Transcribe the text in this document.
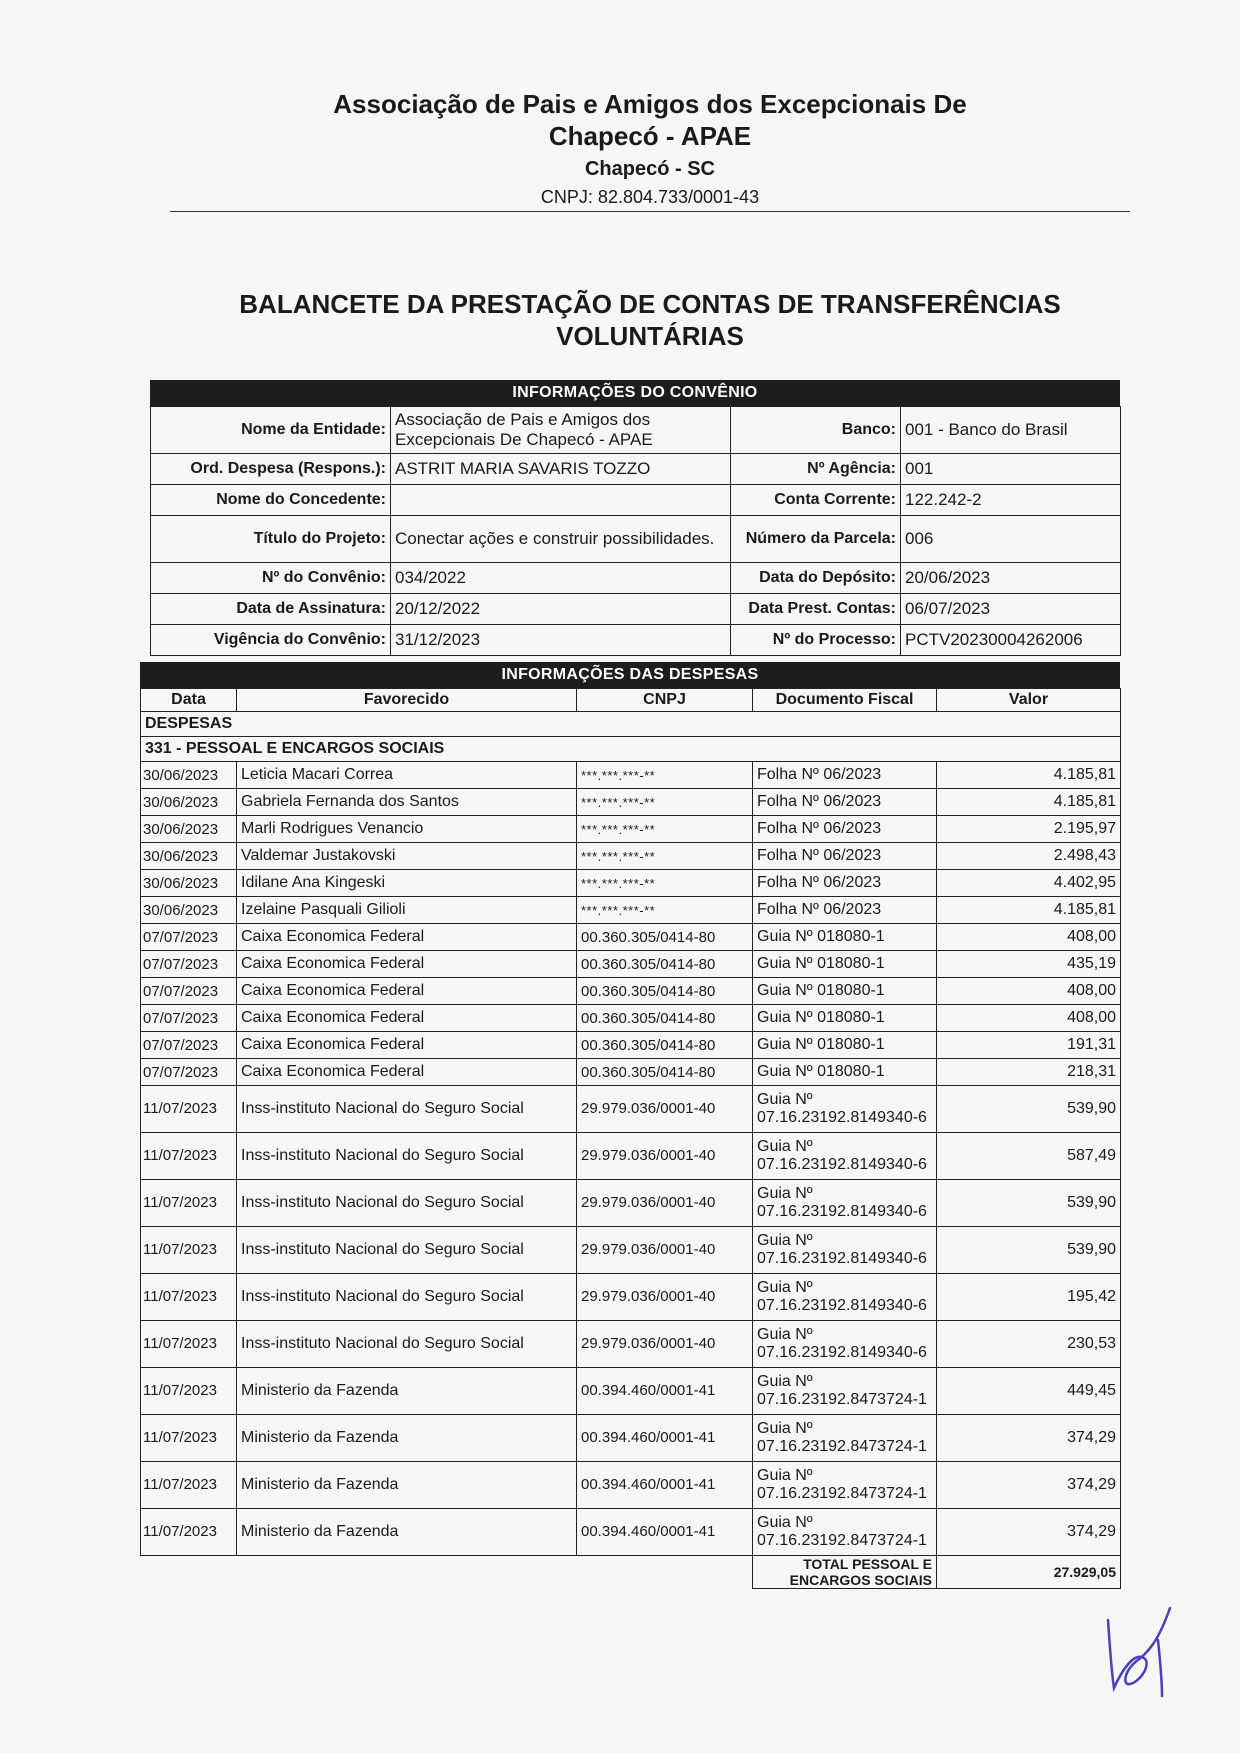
Associação de Pais e Amigos dos Excepcionais De Chapecó - APAE
Chapecó - SC
CNPJ: 82.804.733/0001-43
BALANCETE DA PRESTAÇÃO DE CONTAS DE TRANSFERÊNCIAS VOLUNTÁRIAS
INFORMAÇÕES DO CONVÊNIO
Nome da Entidade:	Associação de Pais e Amigos dos Excepcionais De Chapecó - APAE	Banco:	001 - Banco do Brasil
Ord. Despesa (Respons.):	ASTRIT MARIA SAVARIS TOZZO	Nº Agência:	001
Nome do Concedente:		Conta Corrente:	122.242-2
Título do Projeto:	Conectar ações e construir possibilidades.	Número da Parcela:	006
Nº do Convênio:	034/2022	Data do Depósito:	20/06/2023
Data de Assinatura:	20/12/2022	Data Prest. Contas:	06/07/2023
Vigência do Convênio:	31/12/2023	Nº do Processo:	PCTV20230004262006
INFORMAÇÕES DAS DESPESAS
Data	Favorecido	CNPJ	Documento Fiscal	Valor
DESPESAS				
331 - PESSOAL E ENCARGOS SOCIAIS				
30/06/2023	Leticia Macari Correa	***.***.***-**	Folha Nº 06/2023	4.185,81
30/06/2023	Gabriela Fernanda dos Santos	***.***.***-**	Folha Nº 06/2023	4.185,81
30/06/2023	Marli Rodrigues Venancio	***.***.***-**	Folha Nº 06/2023	2.195,97
30/06/2023	Valdemar Justakovski	***.***.***-**	Folha Nº 06/2023	2.498,43
30/06/2023	Idilane Ana Kingeski	***.***.***-**	Folha Nº 06/2023	4.402,95
30/06/2023	Izelaine Pasquali Gilioli	***.***.***-**	Folha Nº 06/2023	4.185,81
07/07/2023	Caixa Economica Federal	00.360.305/0414-80	Guia Nº 018080-1	408,00
07/07/2023	Caixa Economica Federal	00.360.305/0414-80	Guia Nº 018080-1	435,19
07/07/2023	Caixa Economica Federal	00.360.305/0414-80	Guia Nº 018080-1	408,00
07/07/2023	Caixa Economica Federal	00.360.305/0414-80	Guia Nº 018080-1	408,00
07/07/2023	Caixa Economica Federal	00.360.305/0414-80	Guia Nº 018080-1	191,31
07/07/2023	Caixa Economica Federal	00.360.305/0414-80	Guia Nº 018080-1	218,31
11/07/2023	Inss-instituto Nacional do Seguro Social	29.979.036/0001-40	Guia Nº
07.16.23192.8149340-6	539,90
11/07/2023	Inss-instituto Nacional do Seguro Social	29.979.036/0001-40	Guia Nº
07.16.23192.8149340-6	587,49
11/07/2023	Inss-instituto Nacional do Seguro Social	29.979.036/0001-40	Guia Nº
07.16.23192.8149340-6	539,90
11/07/2023	Inss-instituto Nacional do Seguro Social	29.979.036/0001-40	Guia Nº
07.16.23192.8149340-6	539,90
11/07/2023	Inss-instituto Nacional do Seguro Social	29.979.036/0001-40	Guia Nº
07.16.23192.8149340-6	195,42
11/07/2023	Inss-instituto Nacional do Seguro Social	29.979.036/0001-40	Guia Nº
07.16.23192.8149340-6	230,53
11/07/2023	Ministerio da Fazenda	00.394.460/0001-41	Guia Nº
07.16.23192.8473724-1	449,45
11/07/2023	Ministerio da Fazenda	00.394.460/0001-41	Guia Nº
07.16.23192.8473724-1	374,29
11/07/2023	Ministerio da Fazenda	00.394.460/0001-41	Guia Nº
07.16.23192.8473724-1	374,29
11/07/2023	Ministerio da Fazenda	00.394.460/0001-41	Guia Nº
07.16.23192.8473724-1	374,29
			TOTAL PESSOAL E ENCARGOS SOCIAIS	27.929,05
